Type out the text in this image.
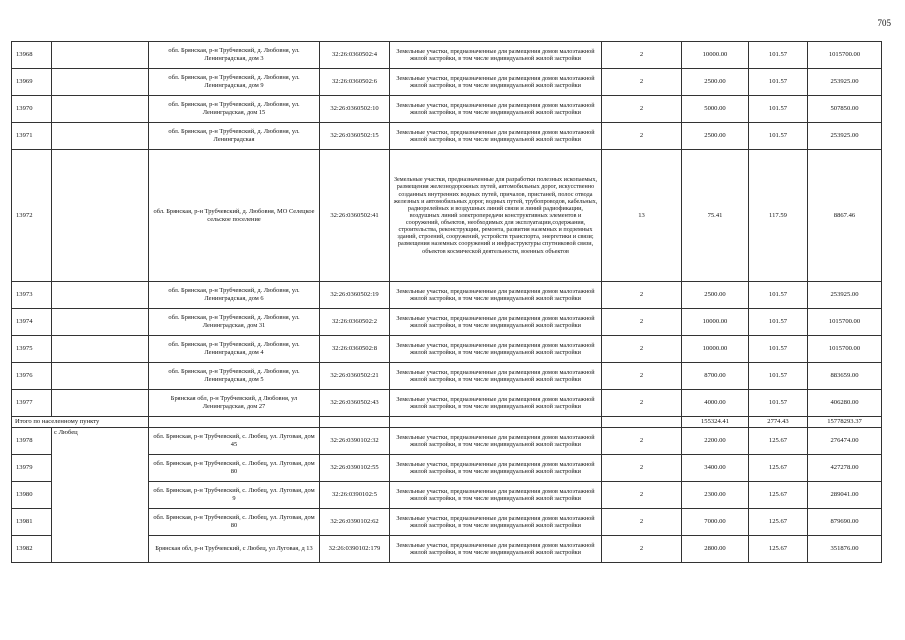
705
13968		обл. Брянская, р-н Трубчевский, д. Любовня, ул. Ленинградская, дом 3	32:26:0360502:4	Земельные участки, предназначенные для размещения домов малоэтажной жилой застройки, в том числе индивидуальной жилой застройки	2	10000.00	101.57	1015700.00
13969		обл. Брянская, р-н Трубчевский, д. Любовня, ул. Ленинградская, дом 9	32:26:0360502:6	Земельные участки, предназначенные для размещения домов малоэтажной жилой застройки, в том числе индивидуальной жилой застройки	2	2500.00	101.57	253925.00
13970		обл. Брянская, р-н Трубчевский, д. Любовня, ул. Ленинградская, дом 15	32:26:0360502:10	Земельные участки, предназначенные для размещения домов малоэтажной жилой застройки, в том числе индивидуальной жилой застройки	2	5000.00	101.57	507850.00
13971		обл. Брянская, р-н Трубчевский, д. Любовня, ул. Ленинградская	32:26:0360502:15	Земельные участки, предназначенные для размещения домов малоэтажной жилой застройки, в том числе индивидуальной жилой застройки	2	2500.00	101.57	253925.00
13972		обл. Брянская, р-н Трубчевский, д. Любовня, МО Селецкое сельское поселение	32:26:0360502:41	Земельные участки, предназначенные для разработки полезных ископаемых, размещения железнодорожных путей, автомобильных дорог, искусственно созданных внутренних водных путей, причалов, пристаней, полос отвода железных и автомобильных дорог, водных путей, трубопроводов, кабельных, радиорелейных и воздушных линий связи и линий радиофикации, воздушных линий электропередачи конструктивных элементов и сооружений, объектов, необходимых для эксплуатации,содержания, строительства, реконструкции, ремонта, развития наземных и подземных зданий, строений, сооружений, устройств транспорта, энергетики и связи; размещения наземных сооружений и инфраструктуры спутниковой связи, объектов космической деятельности, военных объектов	13	75.41	117.59	8867.46
13973		обл. Брянская, р-н Трубчевский, д. Любовня, ул. Ленинградская, дом 6	32:26:0360502:19	Земельные участки, предназначенные для размещения домов малоэтажной жилой застройки, в том числе индивидуальной жилой застройки	2	2500.00	101.57	253925.00
13974		обл. Брянская, р-н Трубчевский, д. Любовня, ул. Ленинградская, дом 31	32:26:0360502:2	Земельные участки, предназначенные для размещения домов малоэтажной жилой застройки, в том числе индивидуальной жилой застройки	2	10000.00	101.57	1015700.00
13975		обл. Брянская, р-н Трубчевский, д. Любовня, ул. Ленинградская, дом 4	32:26:0360502:8	Земельные участки, предназначенные для размещения домов малоэтажной жилой застройки, в том числе индивидуальной жилой застройки	2	10000.00	101.57	1015700.00
13976		обл. Брянская, р-н Трубчевский, д. Любовня, ул. Ленинградская, дом 5	32:26:0360502:21	Земельные участки, предназначенные для размещения домов малоэтажной жилой застройки, в том числе индивидуальной жилой застройки	2	8700.00	101.57	883659.00
13977		Брянская обл, р-н Трубчевский, д Любовня, ул Ленинградская, дом 27	32:26:0360502:43	Земельные участки, предназначенные для размещения домов малоэтажной жилой застройки, в том числе индивидуальной жилой застройки	2	4000.00	101.57	406280.00
Итого по населенному пункту						155324.41	2774.43	15778293.37
13978	с Любец	обл. Брянская, р-н Трубчевский, с. Любец, ул. Луговая, дом 45	32:26:0390102:32	Земельные участки, предназначенные для размещения домов малоэтажной жилой застройки, в том числе индивидуальной жилой застройки	2	2200.00	125.67	276474.00
13979		обл. Брянская, р-н Трубчевский, с. Любец, ул. Луговая, дом 80	32:26:0390102:55	Земельные участки, предназначенные для размещения домов малоэтажной жилой застройки, в том числе индивидуальной жилой застройки	2	3400.00	125.67	427278.00
13980		обл. Брянская, р-н Трубчевский, с. Любец, ул. Луговая, дом 9	32:26:0390102:5	Земельные участки, предназначенные для размещения домов малоэтажной жилой застройки, в том числе индивидуальной жилой застройки	2	2300.00	125.67	289041.00
13981		обл. Брянская, р-н Трубчевский, с. Любец, ул. Луговая, дом 80	32:26:0390102:62	Земельные участки, предназначенные для размещения домов малоэтажной жилой застройки, в том числе индивидуальной жилой застройки	2	7000.00	125.67	879690.00
13982		Брянская обл, р-н Трубчевский, с Любец, ул Луговая, д 13	32:26:0390102:179	Земельные участки, предназначенные для размещения домов малоэтажной жилой застройки, в том числе индивидуальной жилой застройки	2	2800.00	125.67	351876.00
